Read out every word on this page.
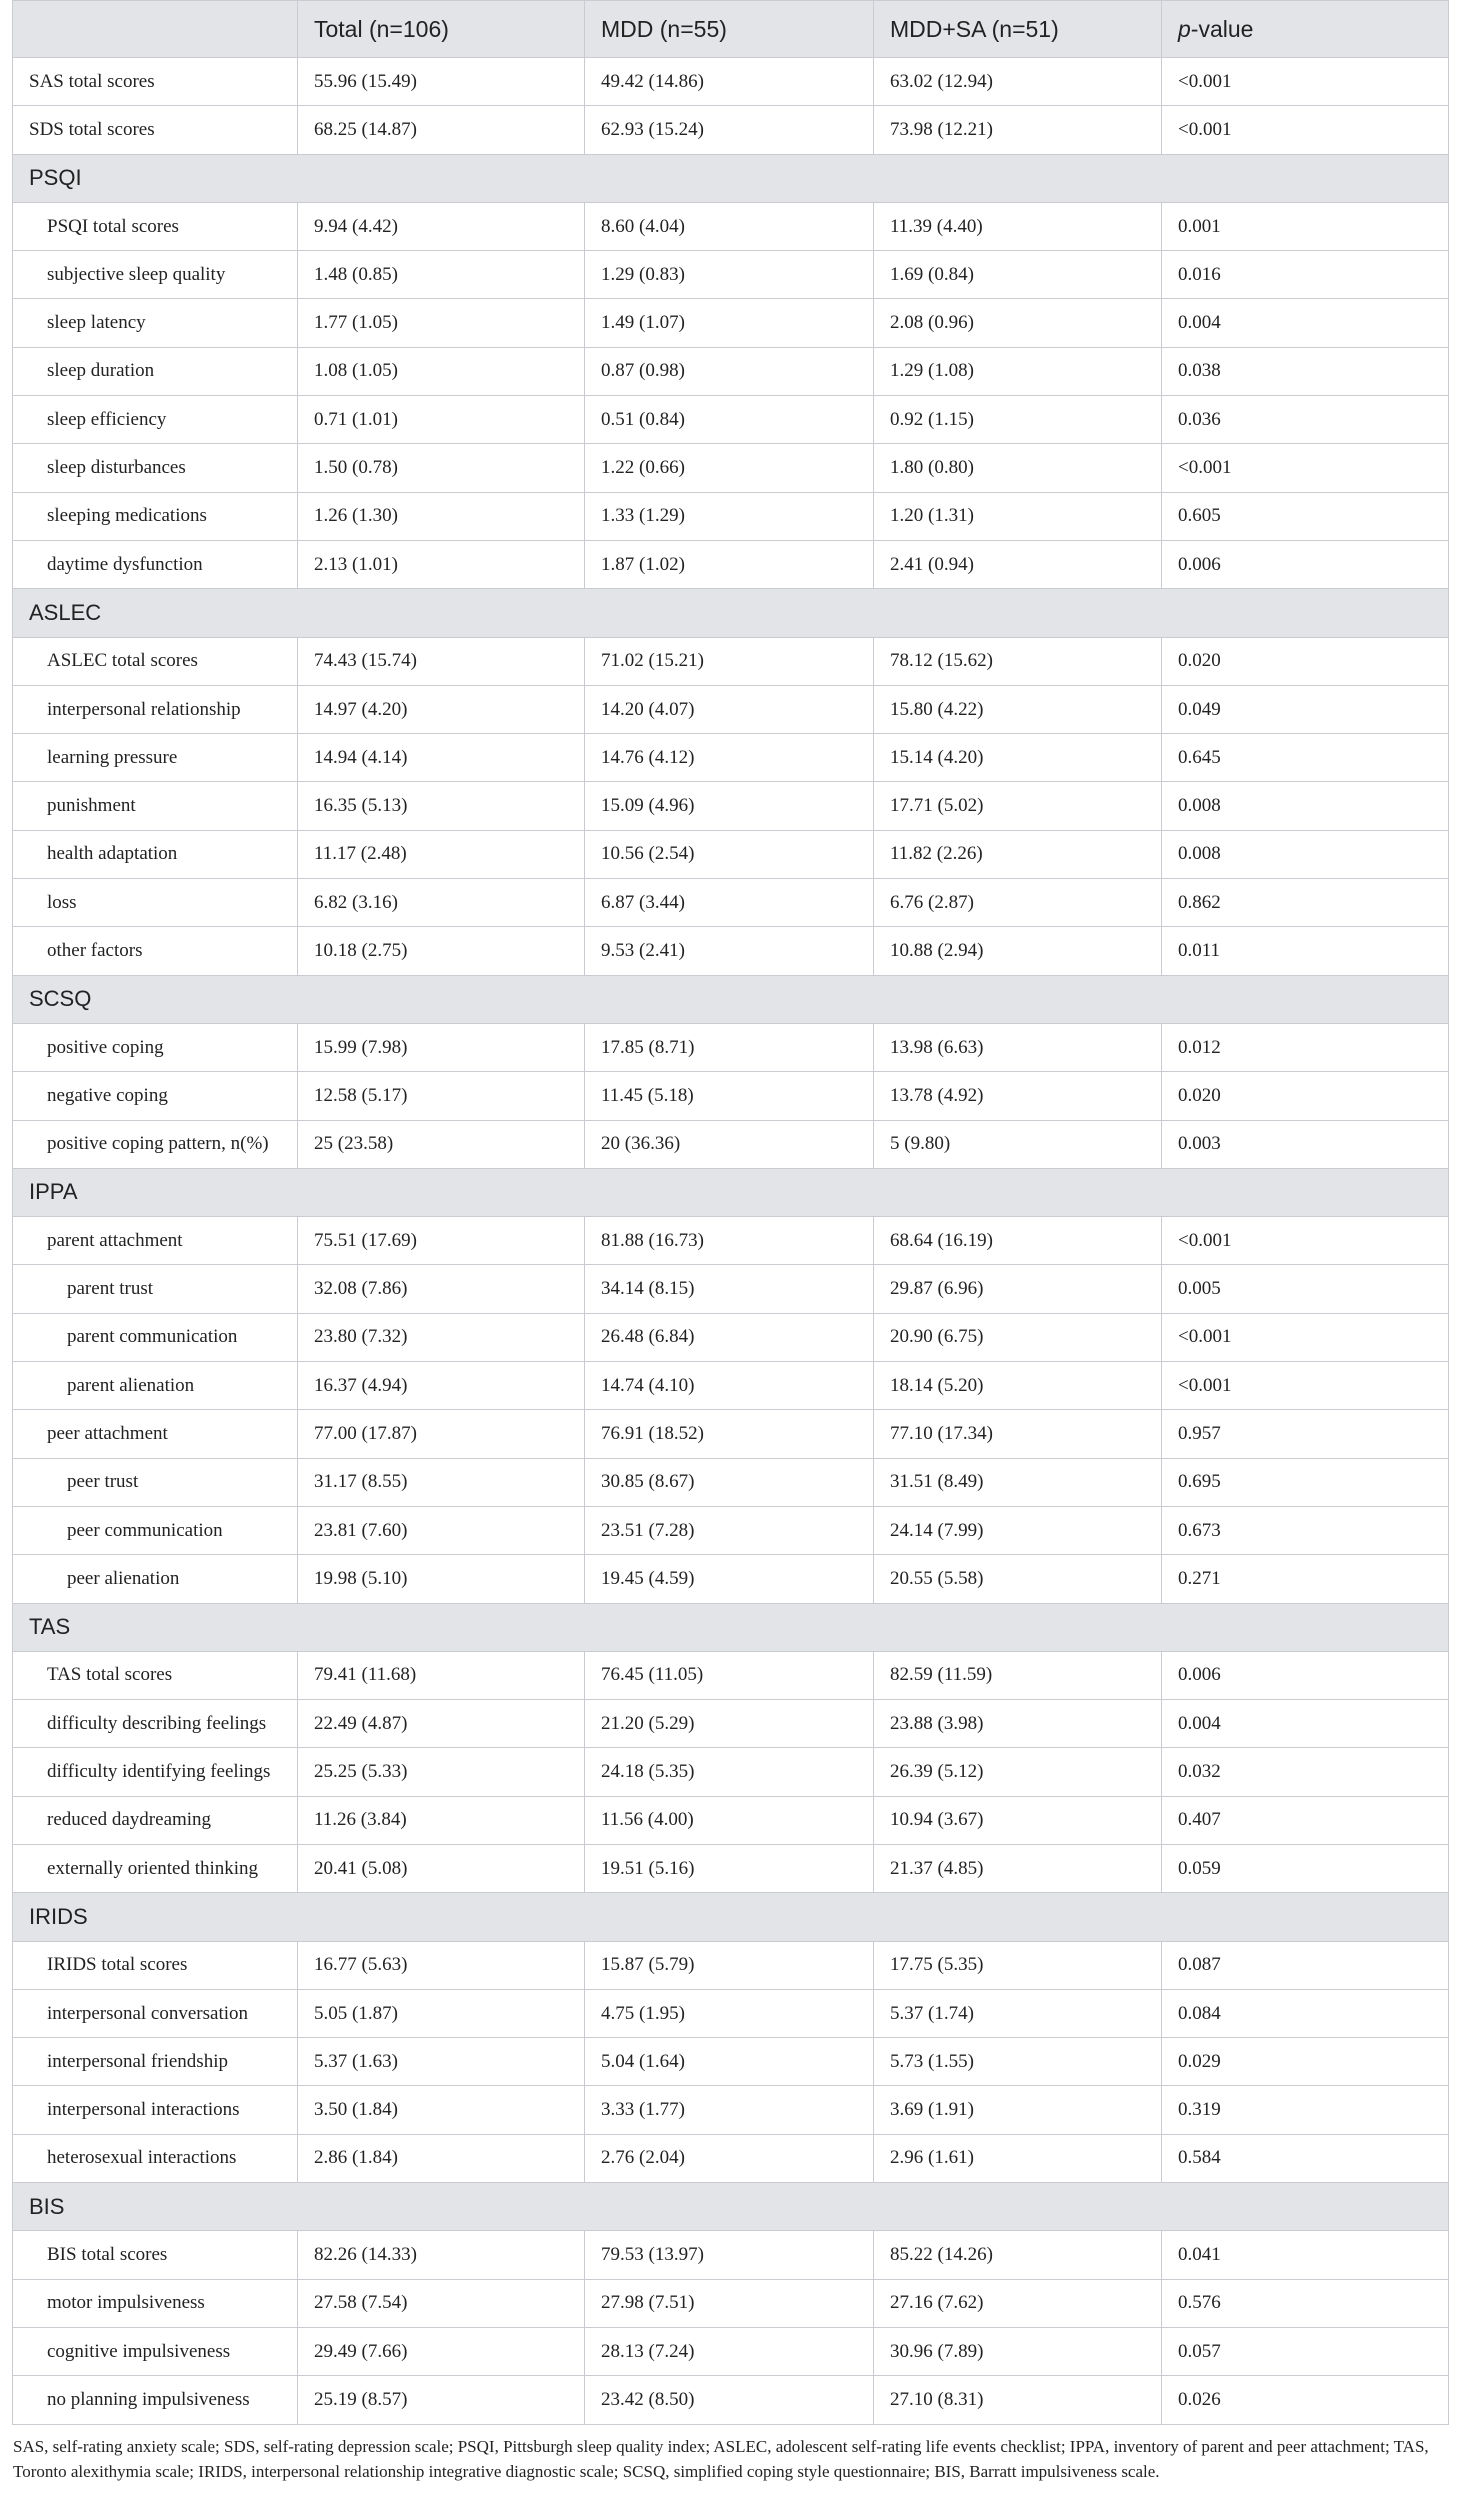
	Total (n=106)	MDD (n=55)	MDD+SA (n=51)	p-value
SAS total scores	55.96 (15.49)	49.42 (14.86)	63.02 (12.94)	<0.001
SDS total scores	68.25 (14.87)	62.93 (15.24)	73.98 (12.21)	<0.001
PSQI				
PSQI total scores	9.94 (4.42)	8.60 (4.04)	11.39 (4.40)	0.001
subjective sleep quality	1.48 (0.85)	1.29 (0.83)	1.69 (0.84)	0.016
sleep latency	1.77 (1.05)	1.49 (1.07)	2.08 (0.96)	0.004
sleep duration	1.08 (1.05)	0.87 (0.98)	1.29 (1.08)	0.038
sleep efficiency	0.71 (1.01)	0.51 (0.84)	0.92 (1.15)	0.036
sleep disturbances	1.50 (0.78)	1.22 (0.66)	1.80 (0.80)	<0.001
sleeping medications	1.26 (1.30)	1.33 (1.29)	1.20 (1.31)	0.605
daytime dysfunction	2.13 (1.01)	1.87 (1.02)	2.41 (0.94)	0.006
ASLEC				
ASLEC total scores	74.43 (15.74)	71.02 (15.21)	78.12 (15.62)	0.020
interpersonal relationship	14.97 (4.20)	14.20 (4.07)	15.80 (4.22)	0.049
learning pressure	14.94 (4.14)	14.76 (4.12)	15.14 (4.20)	0.645
punishment	16.35 (5.13)	15.09 (4.96)	17.71 (5.02)	0.008
health adaptation	11.17 (2.48)	10.56 (2.54)	11.82 (2.26)	0.008
loss	6.82 (3.16)	6.87 (3.44)	6.76 (2.87)	0.862
other factors	10.18 (2.75)	9.53 (2.41)	10.88 (2.94)	0.011
SCSQ				
positive coping	15.99 (7.98)	17.85 (8.71)	13.98 (6.63)	0.012
negative coping	12.58 (5.17)	11.45 (5.18)	13.78 (4.92)	0.020
positive coping pattern, n(%)	25 (23.58)	20 (36.36)	5 (9.80)	0.003
IPPA				
parent attachment	75.51 (17.69)	81.88 (16.73)	68.64 (16.19)	<0.001
parent trust	32.08 (7.86)	34.14 (8.15)	29.87 (6.96)	0.005
parent communication	23.80 (7.32)	26.48 (6.84)	20.90 (6.75)	<0.001
parent alienation	16.37 (4.94)	14.74 (4.10)	18.14 (5.20)	<0.001
peer attachment	77.00 (17.87)	76.91 (18.52)	77.10 (17.34)	0.957
peer trust	31.17 (8.55)	30.85 (8.67)	31.51 (8.49)	0.695
peer communication	23.81 (7.60)	23.51 (7.28)	24.14 (7.99)	0.673
peer alienation	19.98 (5.10)	19.45 (4.59)	20.55 (5.58)	0.271
TAS				
TAS total scores	79.41 (11.68)	76.45 (11.05)	82.59 (11.59)	0.006
difficulty describing feelings	22.49 (4.87)	21.20 (5.29)	23.88 (3.98)	0.004
difficulty identifying feelings	25.25 (5.33)	24.18 (5.35)	26.39 (5.12)	0.032
reduced daydreaming	11.26 (3.84)	11.56 (4.00)	10.94 (3.67)	0.407
externally oriented thinking	20.41 (5.08)	19.51 (5.16)	21.37 (4.85)	0.059
IRIDS				
IRIDS total scores	16.77 (5.63)	15.87 (5.79)	17.75 (5.35)	0.087
interpersonal conversation	5.05 (1.87)	4.75 (1.95)	5.37 (1.74)	0.084
interpersonal friendship	5.37 (1.63)	5.04 (1.64)	5.73 (1.55)	0.029
interpersonal interactions	3.50 (1.84)	3.33 (1.77)	3.69 (1.91)	0.319
heterosexual interactions	2.86 (1.84)	2.76 (2.04)	2.96 (1.61)	0.584
BIS				
BIS total scores	82.26 (14.33)	79.53 (13.97)	85.22 (14.26)	0.041
motor impulsiveness	27.58 (7.54)	27.98 (7.51)	27.16 (7.62)	0.576
cognitive impulsiveness	29.49 (7.66)	28.13 (7.24)	30.96 (7.89)	0.057
no planning impulsiveness	25.19 (8.57)	23.42 (8.50)	27.10 (8.31)	0.026
SAS, self-rating anxiety scale; SDS, self-rating depression scale; PSQI, Pittsburgh sleep quality index; ASLEC, adolescent self-rating life events checklist; IPPA, inventory of parent and peer attachment; TAS, Toronto alexithymia scale; IRIDS, interpersonal relationship integrative diagnostic scale; SCSQ, simplified coping style questionnaire; BIS, Barratt impulsiveness scale.
